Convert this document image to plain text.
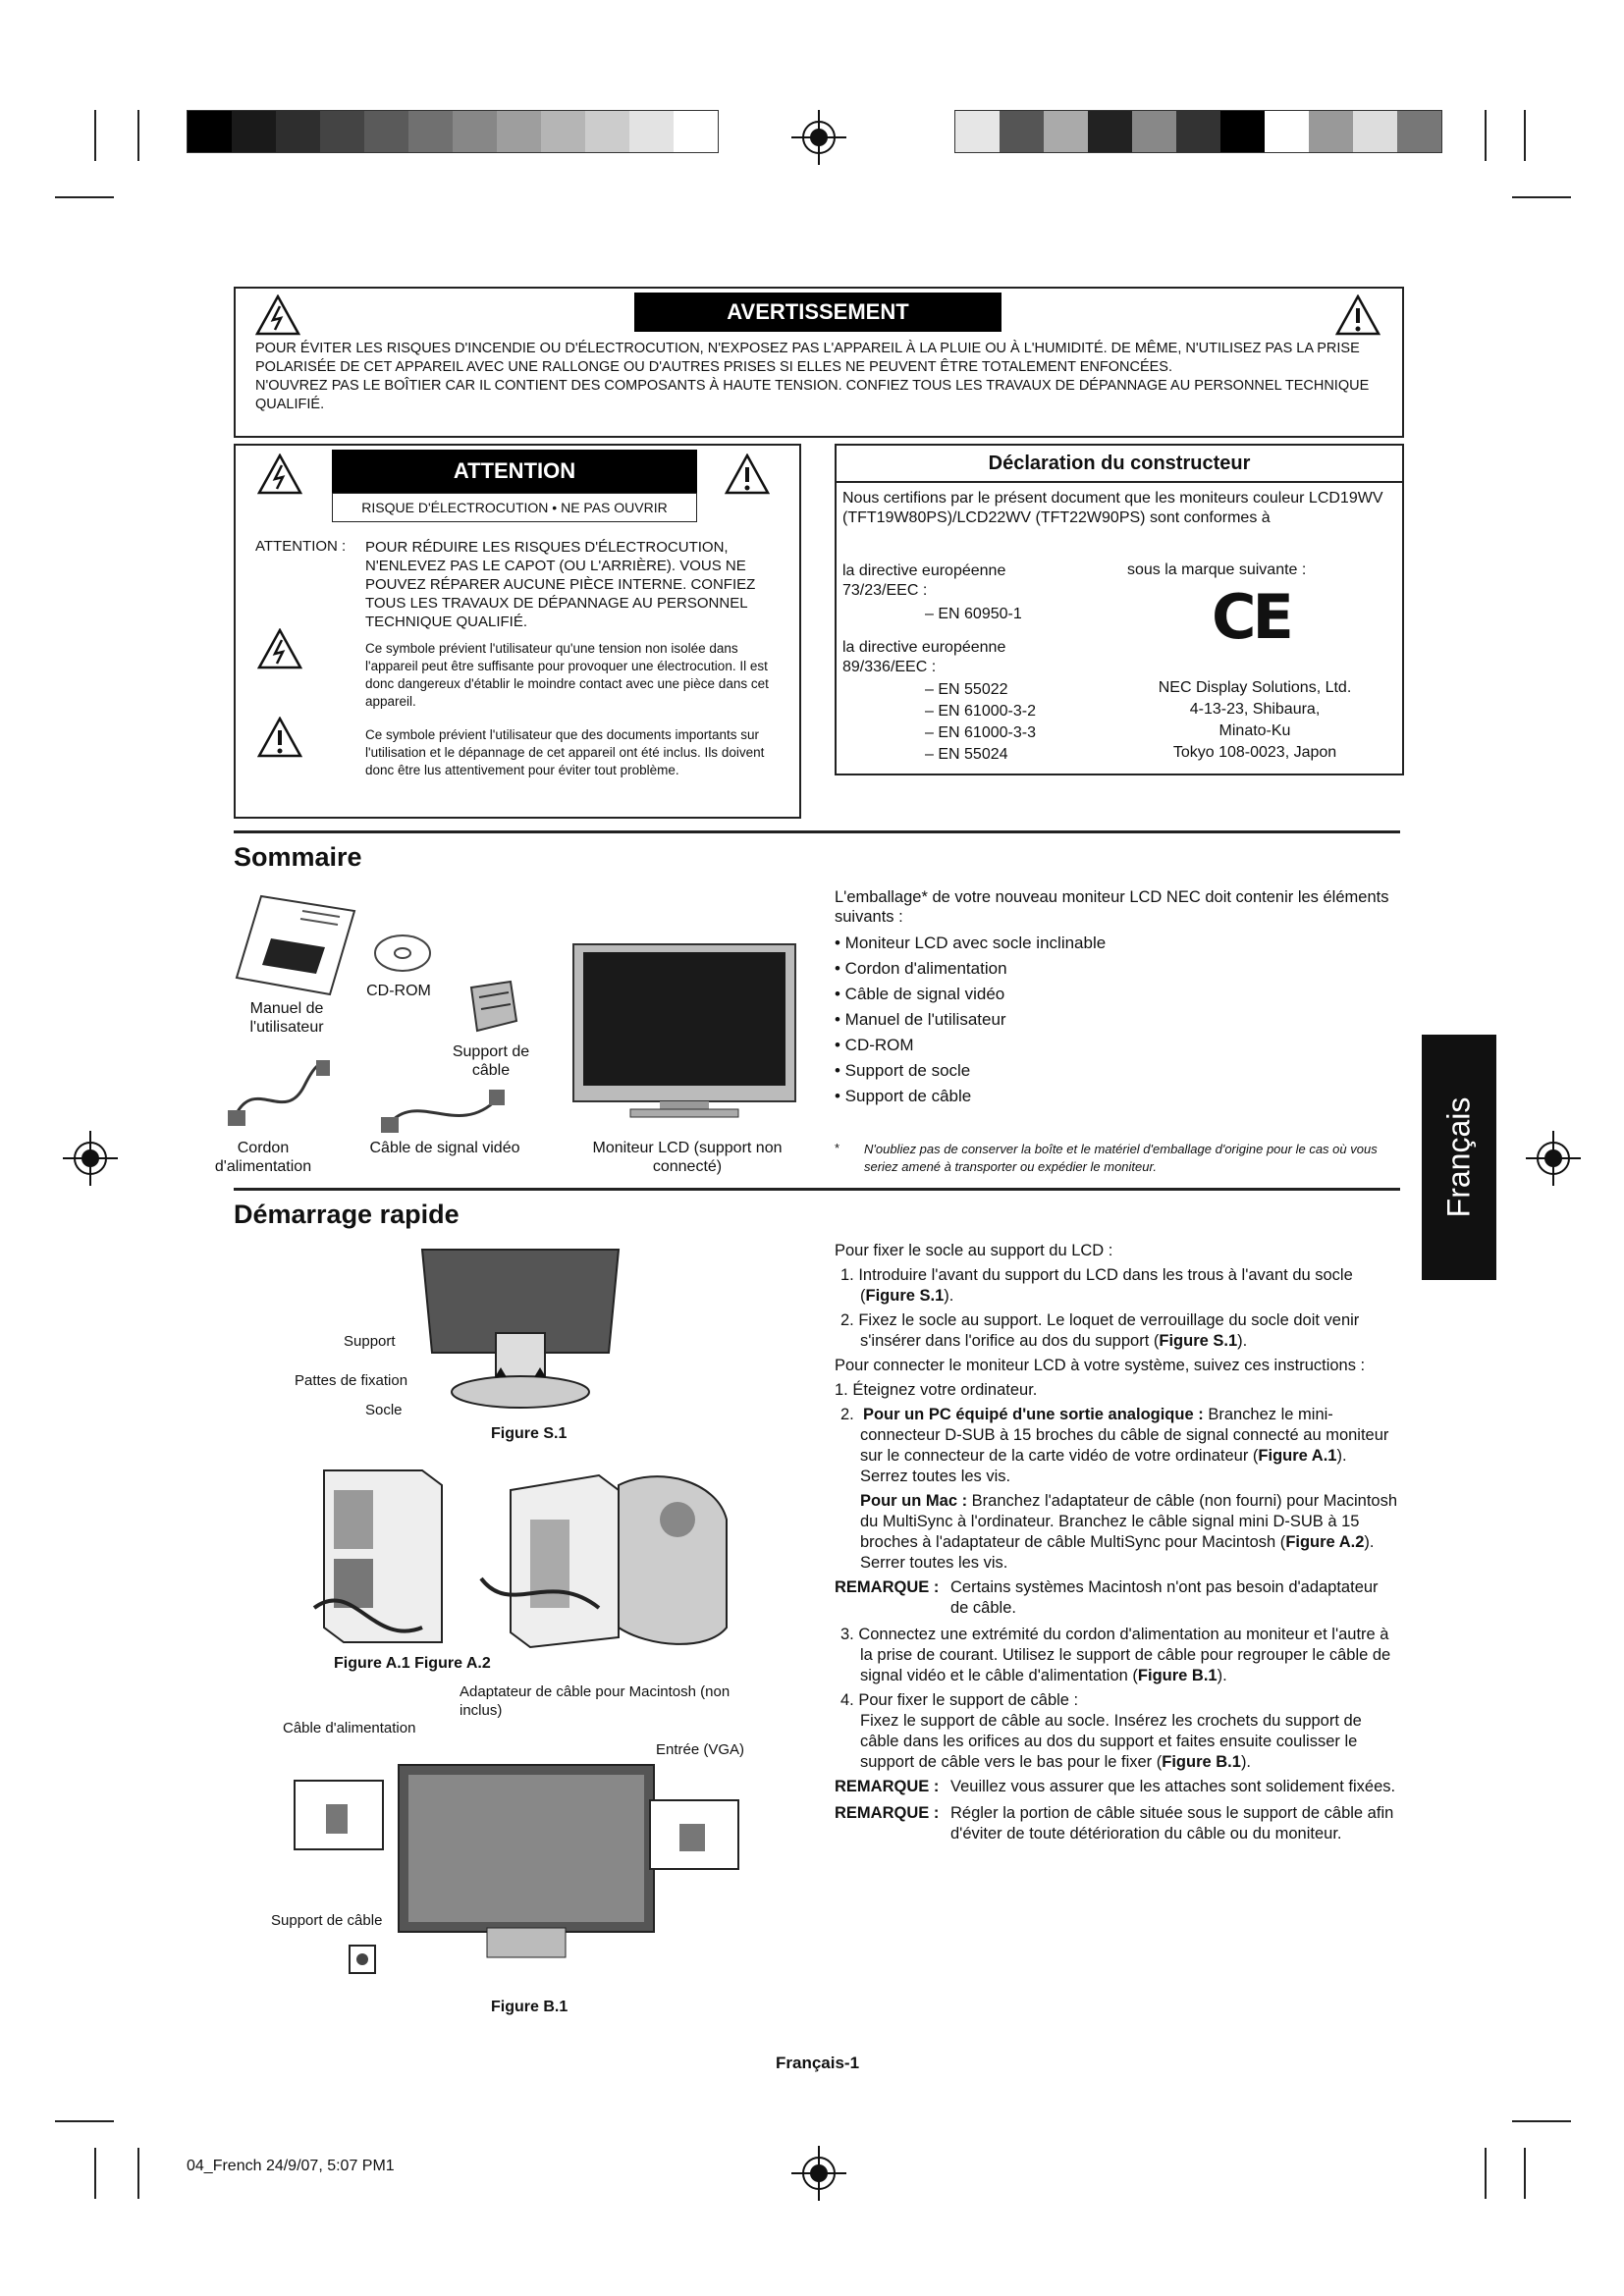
AVERTISSEMENT
POUR ÉVITER LES RISQUES D'INCENDIE OU D'ÉLECTROCUTION, N'EXPOSEZ PAS L'APPAREIL À LA PLUIE OU À L'HUMIDITÉ. DE MÊME, N'UTILISEZ PAS LA PRISE POLARISÉE DE CET APPAREIL AVEC UNE RALLONGE OU D'AUTRES PRISES SI ELLES NE PEUVENT ÊTRE TOTALEMENT ENFONCÉES.
N'OUVREZ PAS LE BOÎTIER CAR IL CONTIENT DES COMPOSANTS À HAUTE TENSION. CONFIEZ TOUS LES TRAVAUX DE DÉPANNAGE AU PERSONNEL TECHNIQUE QUALIFIÉ.
ATTENTION
RISQUE D'ÉLECTROCUTION • NE PAS OUVRIR
ATTENTION : POUR RÉDUIRE LES RISQUES D'ÉLECTROCUTION, N'ENLEVEZ PAS LE CAPOT (OU L'ARRIÈRE). VOUS NE POUVEZ RÉPARER AUCUNE PIÈCE INTERNE. CONFIEZ TOUS LES TRAVAUX DE DÉPANNAGE AU PERSONNEL TECHNIQUE QUALIFIÉ.
Ce symbole prévient l'utilisateur qu'une tension non isolée dans l'appareil peut être suffisante pour provoquer une électrocution. Il est donc dangereux d'établir le moindre contact avec une pièce dans cet appareil.
Ce symbole prévient l'utilisateur que des documents importants sur l'utilisation et le dépannage de cet appareil ont été inclus. Ils doivent donc être lus attentivement pour éviter tout problème.
Déclaration du constructeur
Nous certifions par le présent document que les moniteurs couleur LCD19WV (TFT19W80PS)/LCD22WV (TFT22W90PS) sont conformes à
la directive européenne 73/23/EEC :
– EN 60950-1
la directive européenne 89/336/EEC :
– EN 55022
– EN 61000-3-2
– EN 61000-3-3
– EN 55024
sous la marque suivante :
CE
NEC Display Solutions, Ltd.
4-13-23, Shibaura,
Minato-Ku
Tokyo 108-0023, Japon
Sommaire
Manuel de l'utilisateur
CD-ROM
Support de câble
Cordon d'alimentation
Câble de signal vidéo	Moniteur LCD (support non connecté)
L'emballage* de votre nouveau moniteur LCD NEC doit contenir les éléments suivants :
• Moniteur LCD avec socle inclinable
• Cordon d'alimentation
• Câble de signal vidéo
• Manuel de l'utilisateur
• CD-ROM
• Support de socle
• Support de câble
* N'oubliez pas de conserver la boîte et le matériel d'emballage d'origine pour le cas où vous seriez amené à transporter ou expédier le moniteur.	Français
Démarrage rapide
Support
Pattes de fixation
Socle
Figure S.1
Figure A.1 Figure A.2
Adaptateur de câble pour Macintosh (non inclus)
Câble d'alimentation
Entrée (VGA)
Support de câble
Figure B.1

Pour fixer le socle au support du LCD :

1. Introduire l'avant du support du LCD dans les trous à l'avant du socle (Figure S.1).

2. Fixez le socle au support. Le loquet de verrouillage du socle doit venir s'insérer dans l'orifice au dos du support (Figure S.1).

Pour connecter le moniteur LCD à votre système, suivez ces instructions :

1. Éteignez votre ordinateur.

2. Pour un PC équipé d'une sortie analogique : Branchez le mini-connecteur D-SUB à 15 broches du câble de signal connecté au moniteur sur le connecteur de la carte vidéo de votre ordinateur (Figure A.1). Serrez toutes les vis.

Pour un Mac : Branchez l'adaptateur de câble (non fourni) pour Macintosh du MultiSync à l'ordinateur. Branchez le câble signal mini D-SUB à 15 broches à l'adaptateur de câble MultiSync pour Macintosh (Figure A.2). Serrer toutes les vis.

REMARQUE : Certains systèmes Macintosh n'ont pas besoin d'adaptateur de câble.

3. Connectez une extrémité du cordon d'alimentation au moniteur et l'autre à la prise de courant. Utilisez le support de câble pour regrouper le câble de signal vidéo et le câble d'alimentation (Figure B.1).

4. Pour fixer le support de câble :

Fixez le support de câble au socle. Insérez les crochets du support de câble dans les orifices au dos du support et faites ensuite coulisser le support de câble vers le bas pour le fixer (Figure B.1).

REMARQUE : Veuillez vous assurer que les attaches sont solidement fixées.
REMARQUE : Régler la portion de câble située sous le support de câble afin d'éviter de toute détérioration du câble ou du moniteur.
Français-1
04_French 24/9/07, 5:07 PM1
